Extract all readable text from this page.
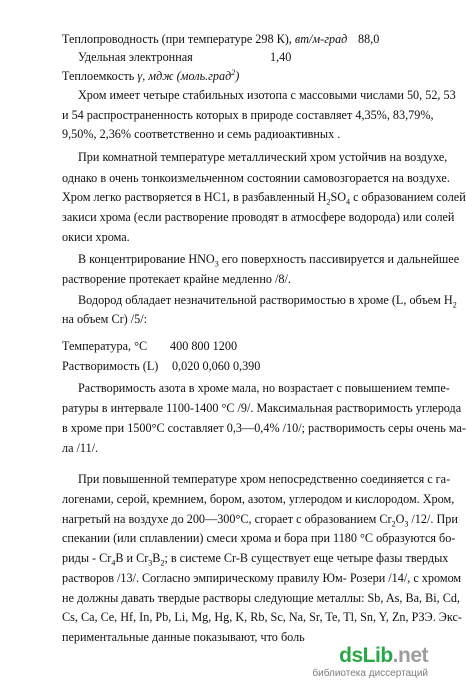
Теплопроводность (при температуре 298 К), вт/м-град 88,0
Удельная электронная	1,40
Теплоемкость γ, мдж (моль.град$^2$)
Хром имеет четыре стабильных изотопа с массовыми числами 50, 52, 53
и 54 распространенность которых в природе составляет 4,35%, 83,79%,
9,50%, 2,36% соответственно и семь радиоактивных .
При комнатной температуре металлический хром устойчив на воздухе,
однако в очень тонкоизмельченном состоянии самовозгорается на воздухе.
Хром легко растворяется в НС1, в разбавленный $H_2SO_4$ с образованием солей
закиси хрома (если растворение проводят в атмосфере водорода) или солей
окиси хрома.
В концентрирование $HNO_3$ его поверхность пассивируется и дальнейшее
растворение протекает крайне медленно /8/.
Водород обладает незначительной растворимостью в хроме (L, объем $H_2$
на объем Cr) /5/:
Температура, °С 400 800 1200
Растворимость (L) 0,020 0,060 0,390
Растворимость азота в хроме мала, но возрастает с повышением темпе-
ратуры в интервале 1100-1400 °С /9/. Максимальная растворимость углерода
в хроме при 1500°С составляет 0,3—0,4% /10/; растворимость серы очень ма-
ла /11/.
При повышенной температуре хром непосредственно соединяется с га-
логенами, серой, кремнием, бором, азотом, углеродом и кислородом. Хром,
нагретый на воздухе до 200—300°С, сгорает с образованием $Cr_2O_3$ /12/. При
спекании (или сплавлении) смеси хрома и бора при 1180 °С образуются бо-
риды - $Cr_4B$ и $Cr_3B_2$; в системе Cr-B существует еще четыре фазы твердых
растворов /13/. Согласно эмпирическому правилу Юм- Розери /14/, с хромом
не должны давать твердые растворы следующие металлы: Sb, As, Ba, Bi, Cd,
Cs, Ca, Ce, Hf, In, Pb, Li, Mg, Hg, K, Rb, Sc, Na, Sr, Te, Tl, Sn, Y, Zn, РЗЭ. Экс-
периментальные данные показывают, что боль
dsLib.net
библиотека диссертаций
